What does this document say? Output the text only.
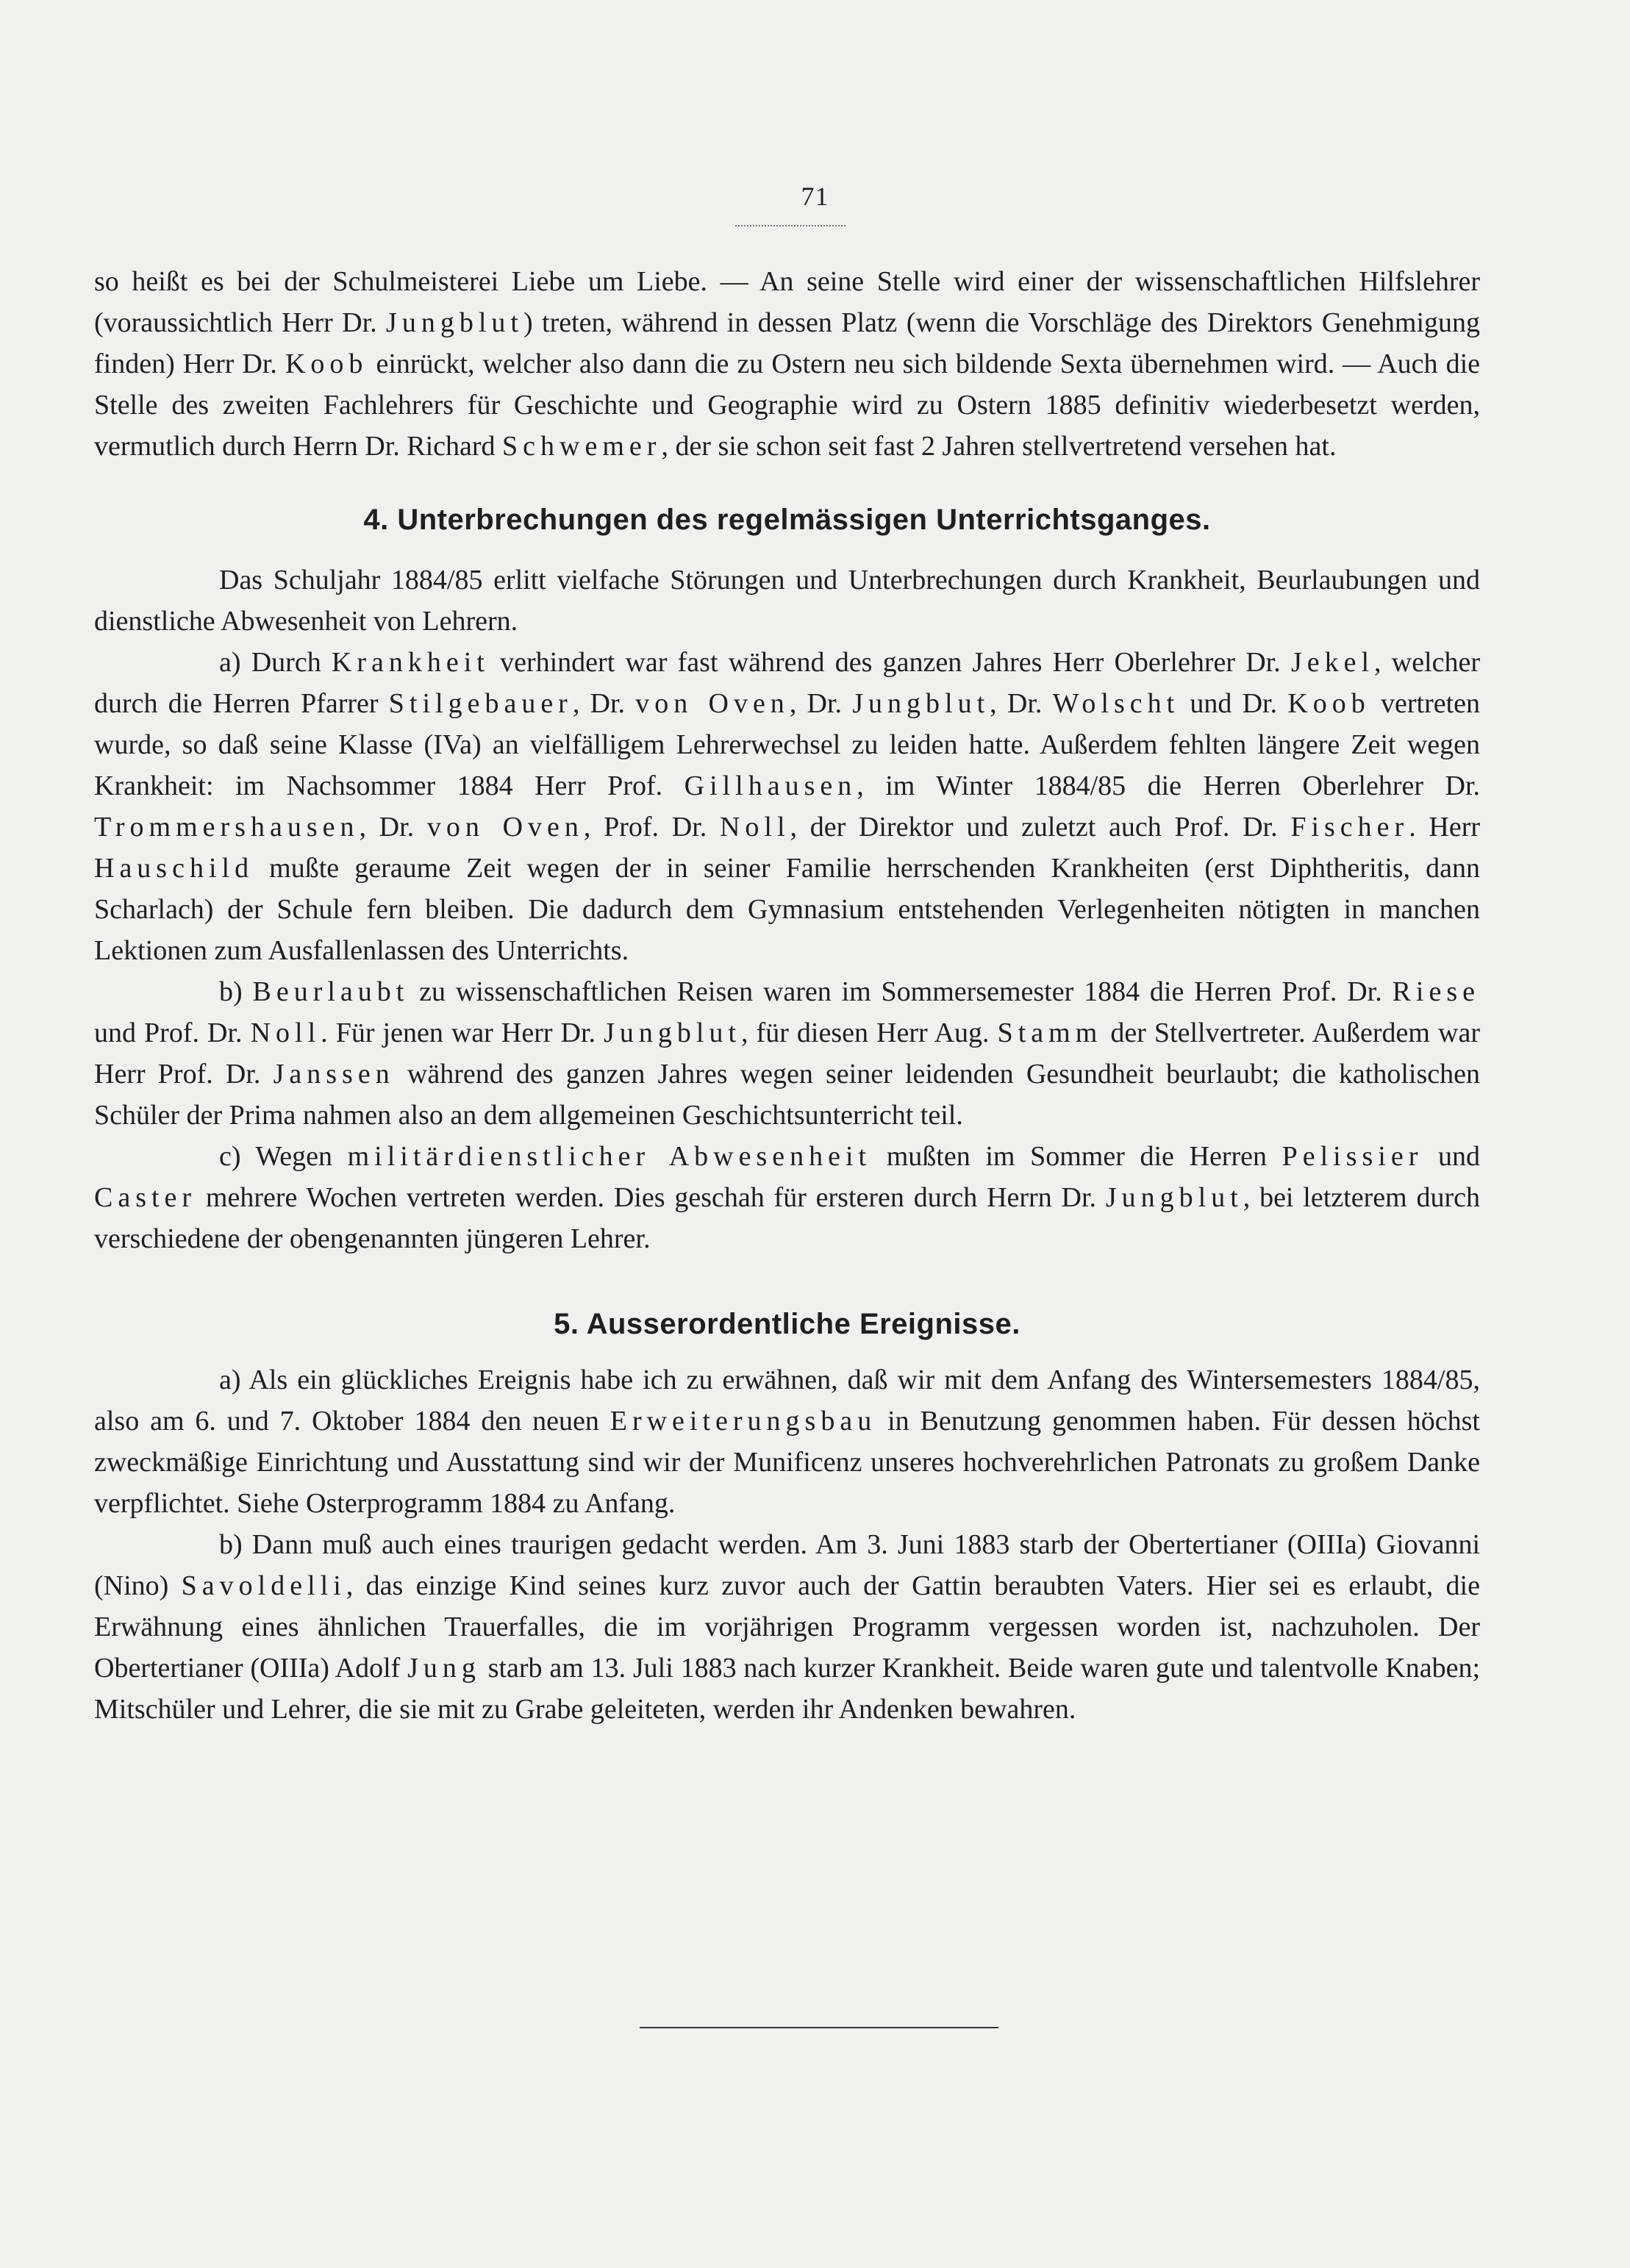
71

so heißt es bei der Schulmeisterei Liebe um Liebe. — An seine Stelle wird einer der wissenschaftlichen Hilfslehrer (voraussichtlich Herr Dr. Jungblut) treten, während in dessen Platz (wenn die Vorschläge des Direktors Genehmigung finden) Herr Dr. Koob einrückt, welcher also dann die zu Ostern neu sich bildende Sexta übernehmen wird. — Auch die Stelle des zweiten Fachlehrers für Geschichte und Geographie wird zu Ostern 1885 definitiv wiederbesetzt werden, vermutlich durch Herrn Dr. Richard Schwemer, der sie schon seit fast 2 Jahren stellvertretend versehen hat.

4. Unterbrechungen des regelmässigen Unterrichtsganges.

Das Schuljahr 1884/85 erlitt vielfache Störungen und Unterbrechungen durch Krankheit, Beurlaubungen und dienstliche Abwesenheit von Lehrern.

a) Durch Krankheit verhindert war fast während des ganzen Jahres Herr Oberlehrer Dr. Jekel, welcher durch die Herren Pfarrer Stilgebauer, Dr. von Oven, Dr. Jungblut, Dr. Wolscht und Dr. Koob vertreten wurde, so daß seine Klasse (IVa) an vielfälligem Lehrerwechsel zu leiden hatte. Außerdem fehlten längere Zeit wegen Krankheit: im Nachsommer 1884 Herr Prof. Gillhausen, im Winter 1884/85 die Herren Oberlehrer Dr. Trommershausen, Dr. von Oven, Prof. Dr. Noll, der Direktor und zuletzt auch Prof. Dr. Fischer. Herr Hauschild mußte geraume Zeit wegen der in seiner Familie herrschenden Krankheiten (erst Diphtheritis, dann Scharlach) der Schule fern bleiben. Die dadurch dem Gymnasium entstehenden Verlegenheiten nötigten in manchen Lektionen zum Ausfallenlassen des Unterrichts.

b) Beurlaubt zu wissenschaftlichen Reisen waren im Sommersemester 1884 die Herren Prof. Dr. Riese und Prof. Dr. Noll. Für jenen war Herr Dr. Jungblut, für diesen Herr Aug. Stamm der Stellvertreter. Außerdem war Herr Prof. Dr. Janssen während des ganzen Jahres wegen seiner leidenden Gesundheit beurlaubt; die katholischen Schüler der Prima nahmen also an dem allgemeinen Geschichtsunterricht teil.

c) Wegen militärdienstlicher Abwesenheit mußten im Sommer die Herren Pelissier und Caster mehrere Wochen vertreten werden. Dies geschah für ersteren durch Herrn Dr. Jungblut, bei letzterem durch verschiedene der obengenannten jüngeren Lehrer.

5. Ausserordentliche Ereignisse.

a) Als ein glückliches Ereignis habe ich zu erwähnen, daß wir mit dem Anfang des Wintersemesters 1884/85, also am 6. und 7. Oktober 1884 den neuen Erweiterungsbau in Benutzung genommen haben. Für dessen höchst zweckmäßige Einrichtung und Ausstattung sind wir der Munificenz unseres hochverehrlichen Patronats zu großem Danke verpflichtet. Siehe Osterprogramm 1884 zu Anfang.

b) Dann muß auch eines traurigen gedacht werden. Am 3. Juni 1883 starb der Obertertianer (OIIIa) Giovanni (Nino) Savoldelli, das einzige Kind seines kurz zuvor auch der Gattin beraubten Vaters. Hier sei es erlaubt, die Erwähnung eines ähnlichen Trauerfalles, die im vorjährigen Programm vergessen worden ist, nachzuholen. Der Obertertianer (OIIIa) Adolf Jung starb am 13. Juli 1883 nach kurzer Krankheit. Beide waren gute und talentvolle Knaben; Mitschüler und Lehrer, die sie mit zu Grabe geleiteten, werden ihr Andenken bewahren.
